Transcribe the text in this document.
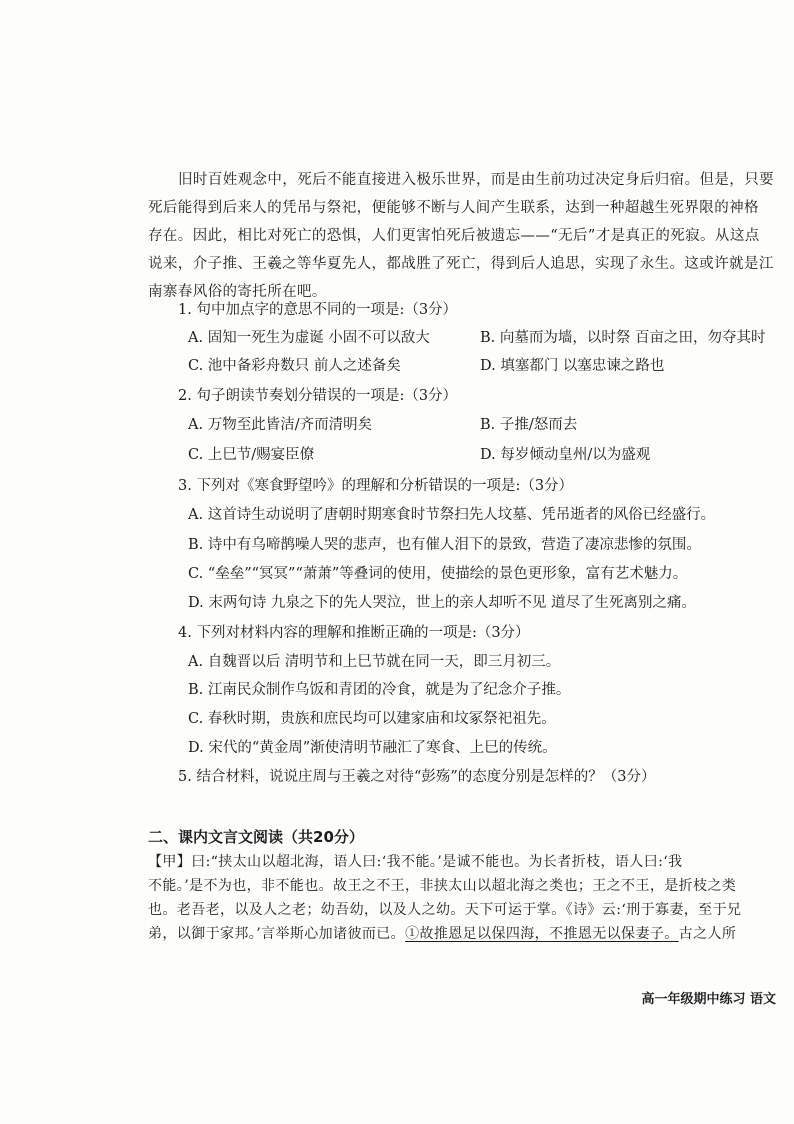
旧时百姓观念中，死后不能直接进入极乐世界，而是由生前功过决定身后归宿。但是，只要
死后能得到后来人的凭吊与祭祀，便能够不断与人间产生联系，达到一种超越生死界限的神格
存在。因此，相比对死亡的恐惧，人们更害怕死后被遗忘——“无后”才是真正的死寂。从这点
说来，介子推、王羲之等华夏先人，都战胜了死亡，得到后人追思，实现了永生。这或许就是江
南寨春风俗的寄托所在吧。
1. 句中加点字的意思不同的一项是:（3分）
A. 固知一死生为虚诞 小固不可以敌大	B. 向墓而为墙，以时祭 百亩之田，勿夺其时
C. 池中备彩舟数只 前人之述备矣	D. 填塞都门 以塞忠谏之路也
2. 句子朗读节奏划分错误的一项是:（3分）
A. 万物至此皆洁/齐而清明矣	B. 子推/怒而去
C. 上巳节/赐宴臣僚	D. 每岁倾动皇州/以为盛观
3. 下列对《寒食野望吟》的理解和分析错误的一项是:（3分）
A. 这首诗生动说明了唐朝时期寒食时节祭扫先人坟墓、凭吊逝者的风俗已经盛行。
B. 诗中有乌啼鹊噪人哭的悲声，也有催人泪下的景致，营造了凄凉悲惨的氛围。
C. “垒垒”“冥冥”“萧萧”等叠词的使用，使描绘的景色更形象，富有艺术魅力。
D. 末两句诗 九泉之下的先人哭泣，世上的亲人却听不见 道尽了生死离别之痛。
4. 下列对材料内容的理解和推断正确的一项是:（3分）
A. 自魏晋以后 清明节和上巳节就在同一天，即三月初三。
B. 江南民众制作乌饭和青团的冷食，就是为了纪念介子推。
C. 春秋时期，贵族和庶民均可以建家庙和坟冢祭祀祖先。
D. 宋代的“黄金周”渐使清明节融汇了寒食、上巳的传统。
5. 结合材料，说说庄周与王羲之对待“彭殇”的态度分别是怎样的？（3分）
二、课内文言文阅读（共20分）
【甲】曰:“挟太山以超北海，语人曰:‘我不能。’是诚不能也。为长者折枝，语人曰:‘我
不能。’是不为也，非不能也。故王之不王，非挟太山以超北海之类也；王之不王，是折枝之类
也。老吾老，以及人之老；幼吾幼，以及人之幼。天下可运于掌。《诗》云:‘刑于寡妻，至于兄
弟，以御于家邦。’言举斯心加诸彼而已。①故推恩足以保四海，不推恩无以保妻子。古之人所
高一年级期中练习 语文
